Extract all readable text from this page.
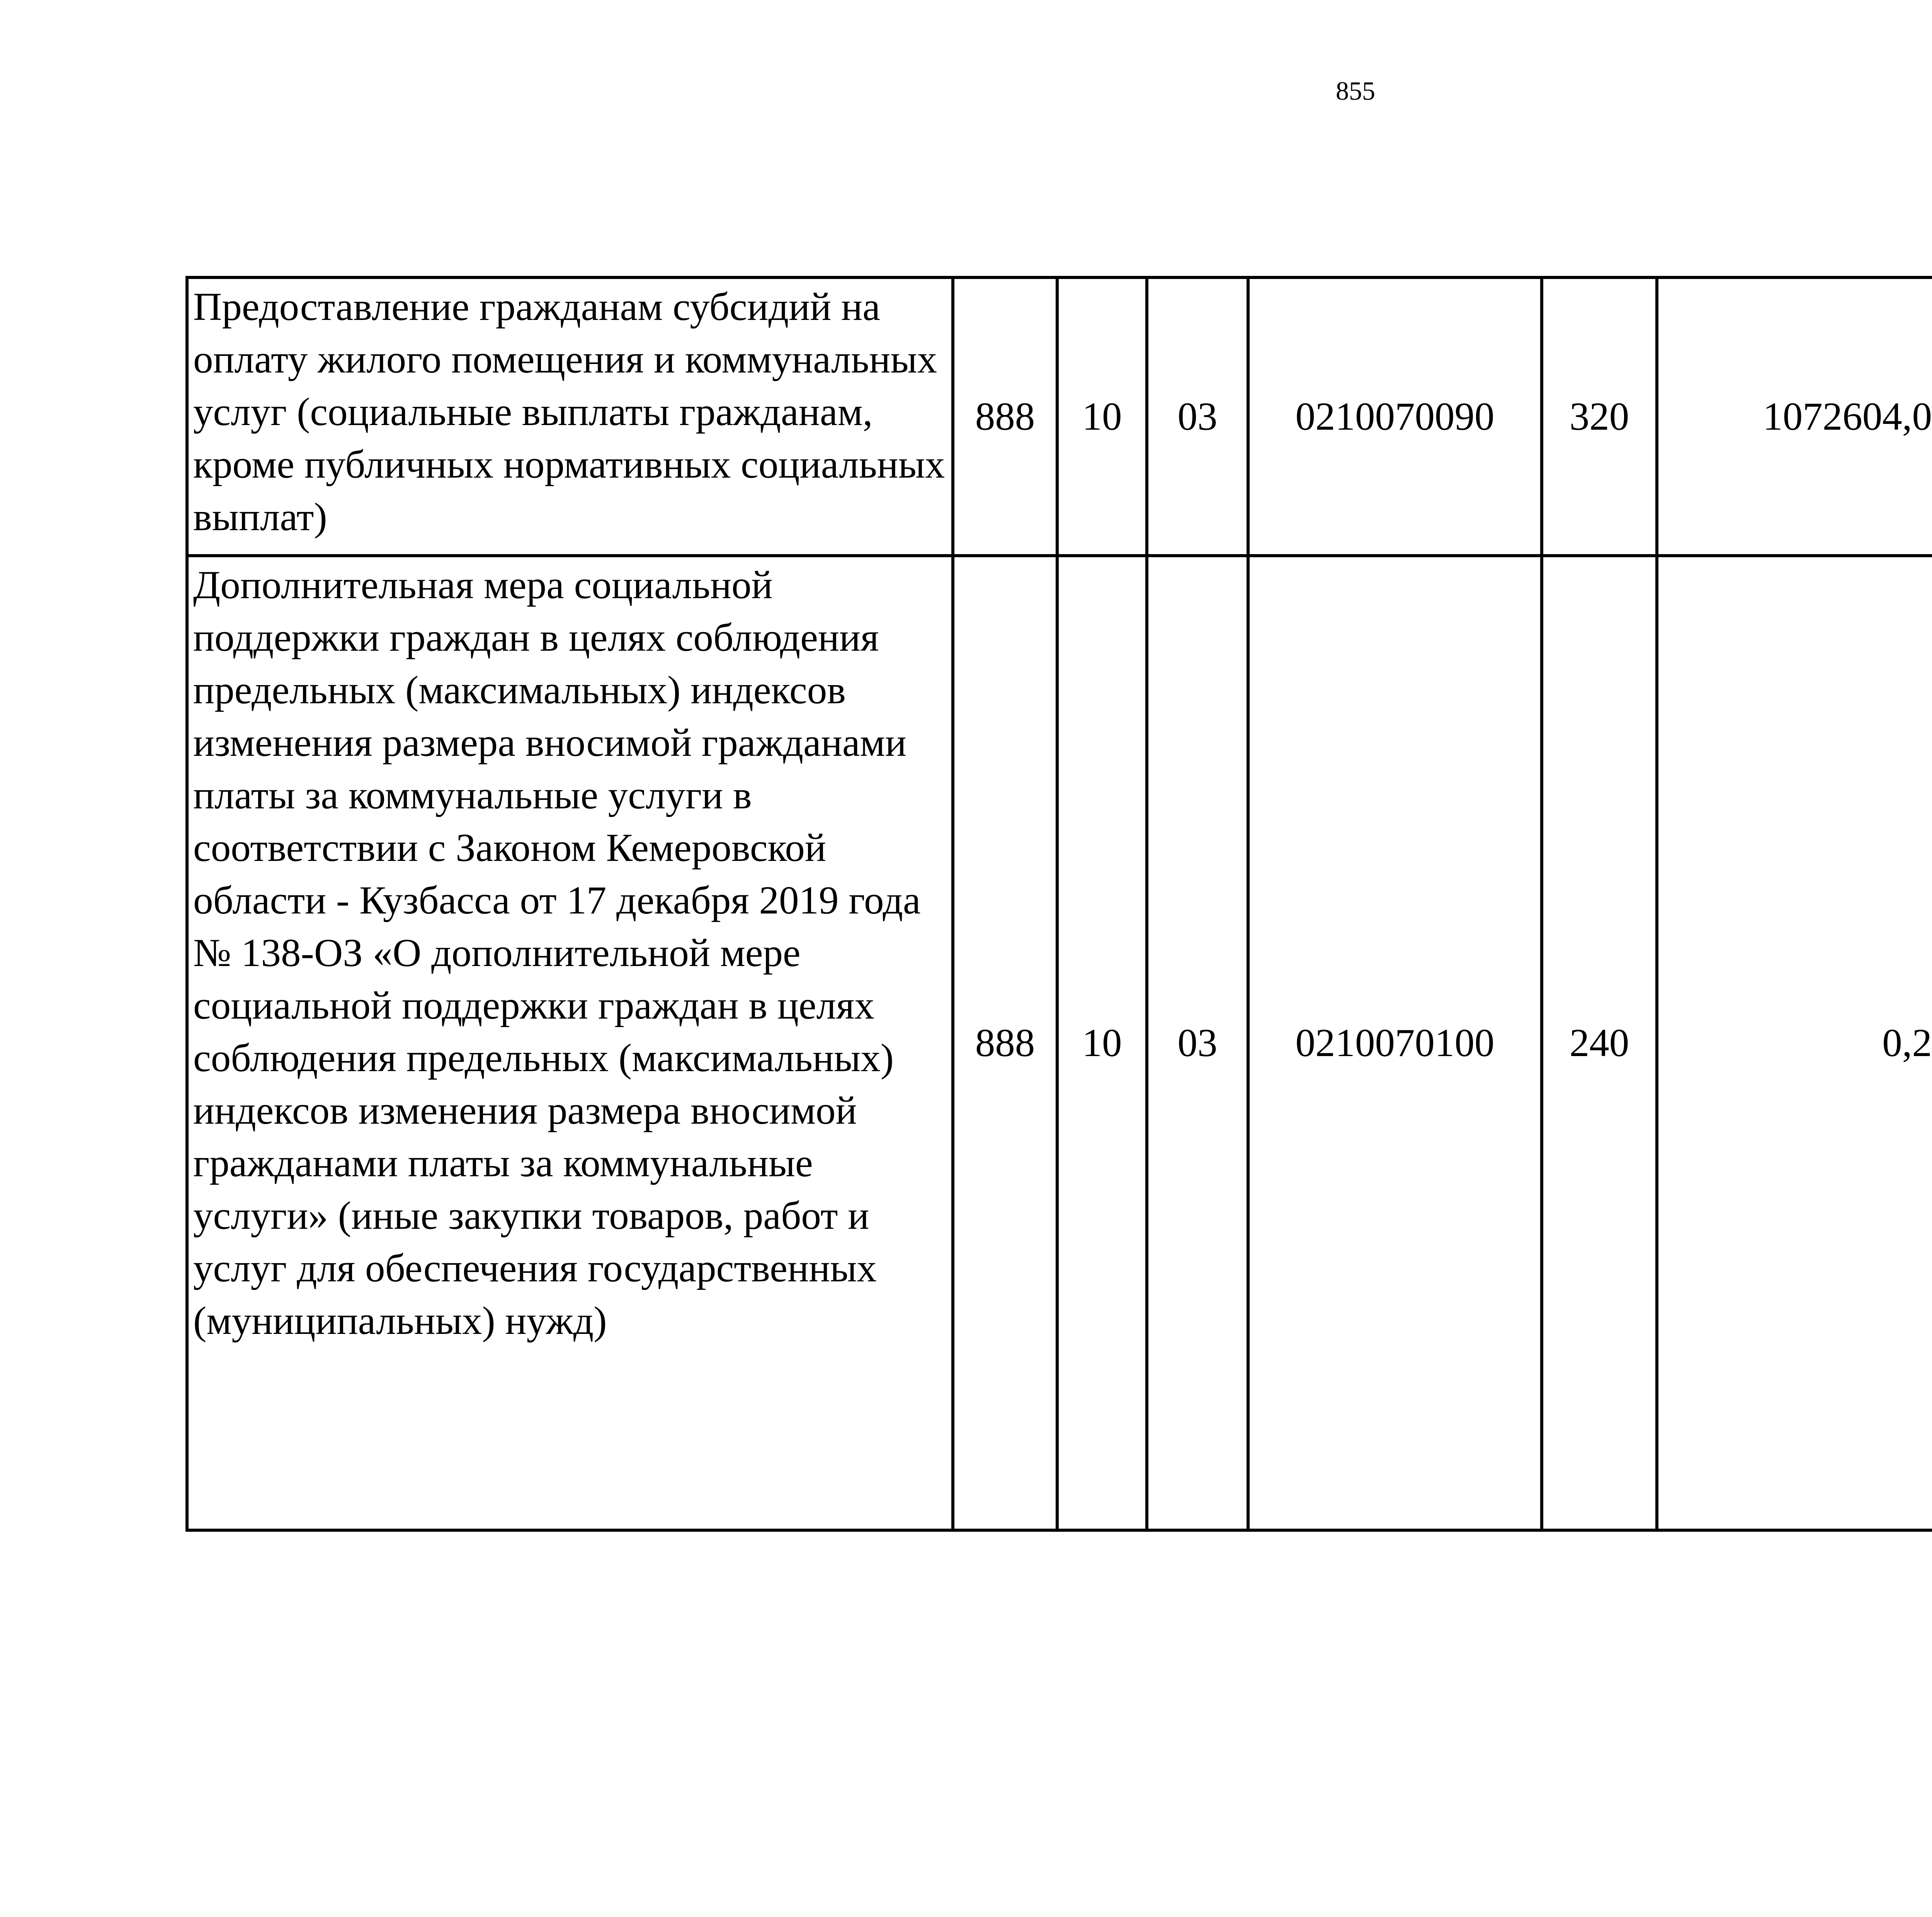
855
Предоставление гражданам субсидий на оплату жилого помещения и коммунальных услуг (социальные выплаты гражданам, кроме публичных нормативных социальных выплат)	888	10	03	0210070090	320	1072604,0		
Дополнительная мера социальной поддержки граждан в целях соблюдения предельных (максимальных) индексов изменения размера вносимой гражданами платы за коммунальные услуги в соответствии с Законом Кемеровской области - Кузбасса от 17 декабря 2019 года № 138-ОЗ «О дополнительной мере социальной поддержки граждан в целях соблюдения предельных (максимальных) индексов изменения размера вносимой гражданами платы за коммунальные услуги» (иные закупки товаров, работ и услуг для обеспечения государственных (муниципальных) нужд)	888	10	03	0210070100	240	0,2		
